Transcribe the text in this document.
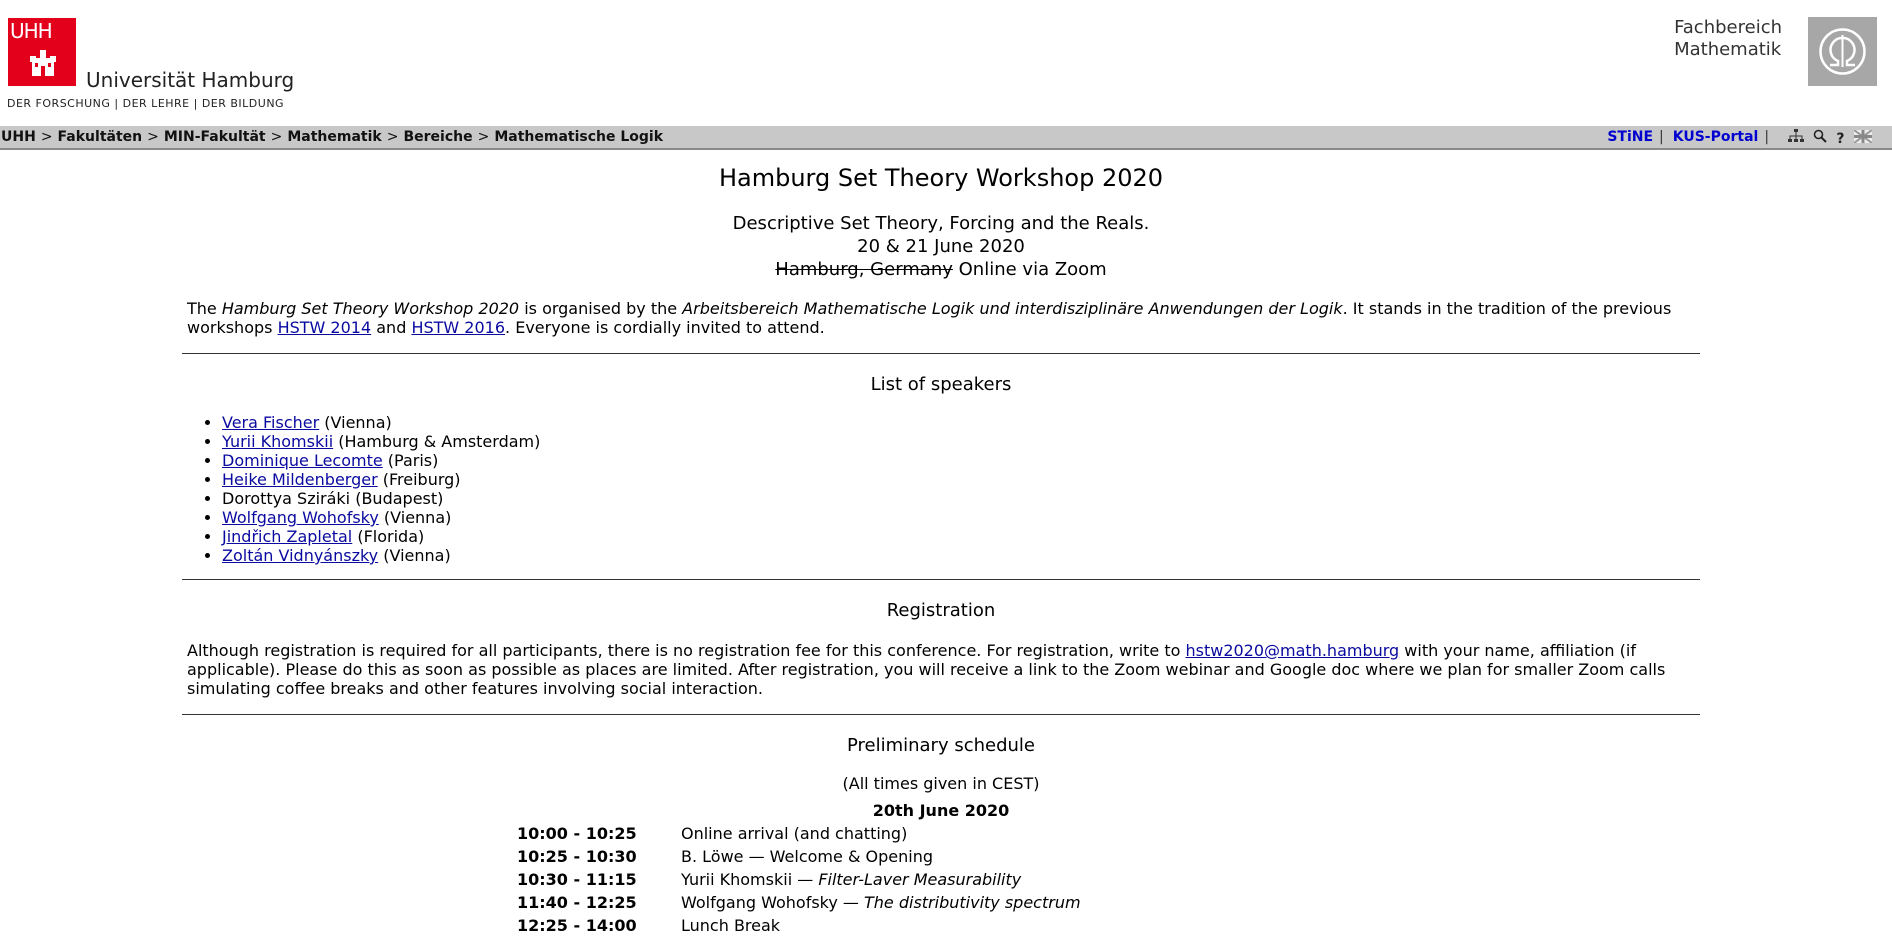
UHH
Universität Hamburg
DER FORSCHUNG | DER LEHRE | DER BILDUNG
Fachbereich
Mathematik
UHH > Fakultäten > MIN-Fakultät > Mathematik > Bereiche > Mathematische Logik	STiNE | KUS-Portal |	?
Hamburg Set Theory Workshop 2020
Descriptive Set Theory, Forcing and the Reals.
20 & 21 June 2020
Hamburg, Germany Online via Zoom

The Hamburg Set Theory Workshop 2020 is organised by the Arbeitsbereich Mathematische Logik und interdisziplinäre Anwendungen der Logik. It stands in the tradition of the previous workshops HSTW 2014 and HSTW 2016. Everyone is cordially invited to attend.

List of speakers
• Vera Fischer (Vienna)
• Yurii Khomskii (Hamburg & Amsterdam)
• Dominique Lecomte (Paris)
• Heike Mildenberger (Freiburg)
• Dorottya Sziráki (Budapest)
• Wolfgang Wohofsky (Vienna)
• Jindřich Zapletal (Florida)
• Zoltán Vidnyánszky (Vienna)
Registration

Although registration is required for all participants, there is no registration fee for this conference. For registration, write to hstw2020@math.hamburg with your name, affiliation (if applicable). Please do this as soon as possible as places are limited. After registration, you will receive a link to the Zoom webinar and Google doc where we plan for smaller Zoom calls simulating coffee breaks and other features involving social interaction.

Preliminary schedule
(All times given in CEST)
20th June 2020
10:00 - 10:25	Online arrival (and chatting)
10:25 - 10:30	B. Löwe — Welcome & Opening
10:30 - 11:15	Yurii Khomskii — Filter-Laver Measurability
11:40 - 12:25	Wolfgang Wohofsky — The distributivity spectrum
12:25 - 14:00	Lunch Break
